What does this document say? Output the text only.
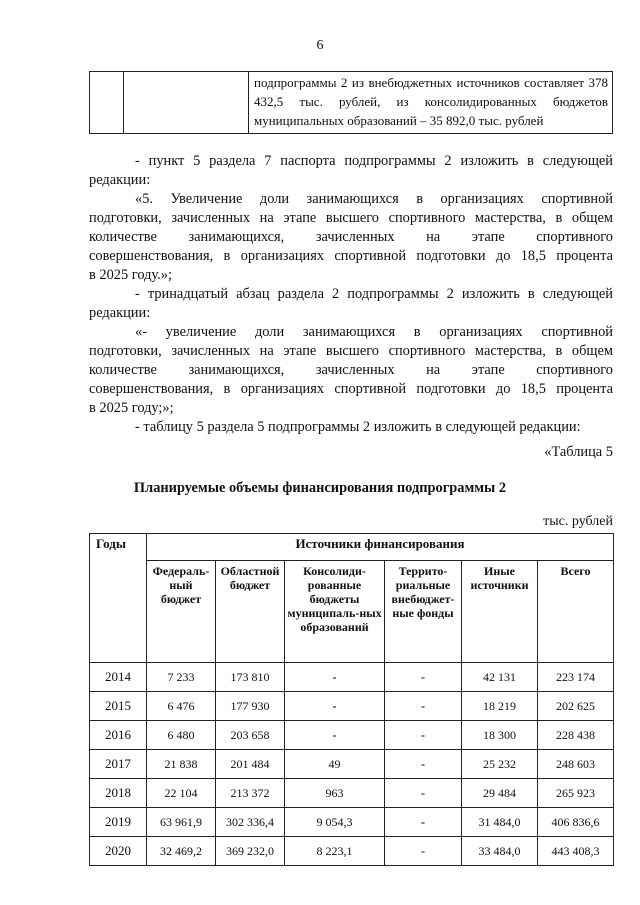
6
		подпрограммы 2 из внебюджетных источников составляет 378 432,5 тыс. рублей, из консолидированных бюджетов муниципальных образований – 35 892,0 тыс. рублей
- пункт 5 раздела 7 паспорта подпрограммы 2 изложить в следующей
редакции:
«5. Увеличение доли занимающихся в организациях спортивной
подготовки, зачисленных на этапе высшего спортивного мастерства, в общем
количестве занимающихся, зачисленных на этапе спортивного
совершенствования, в организациях спортивной подготовки до 18,5 процента
в 2025 году.»;
- тринадцатый абзац раздела 2 подпрограммы 2 изложить в следующей
редакции:
«- увеличение доли занимающихся в организациях спортивной
подготовки, зачисленных на этапе высшего спортивного мастерства, в общем
количестве занимающихся, зачисленных на этапе спортивного
совершенствования, в организациях спортивной подготовки до 18,5 процента
в 2025 году;»;
- таблицу 5 раздела 5 подпрограммы 2 изложить в следующей редакции:
«Таблица 5
Планируемые объемы финансирования подпрограммы 2
тыс. рублей
Годы	Источники финансирования					
	Федераль-ный бюджет	Областной бюджет	Консолиди-рованные бюджеты муниципаль-ных образований	Террито-риальные внебюджет-ные фонды	Иные источники	Всего
2014	7 233	173 810	-	-	42 131	223 174
2015	6 476	177 930	-	-	18 219	202 625
2016	6 480	203 658	-	-	18 300	228 438
2017	21 838	201 484	49	-	25 232	248 603
2018	22 104	213 372	963	-	29 484	265 923
2019	63 961,9	302 336,4	9 054,3	-	31 484,0	406 836,6
2020	32 469,2	369 232,0	8 223,1	-	33 484,0	443 408,3
